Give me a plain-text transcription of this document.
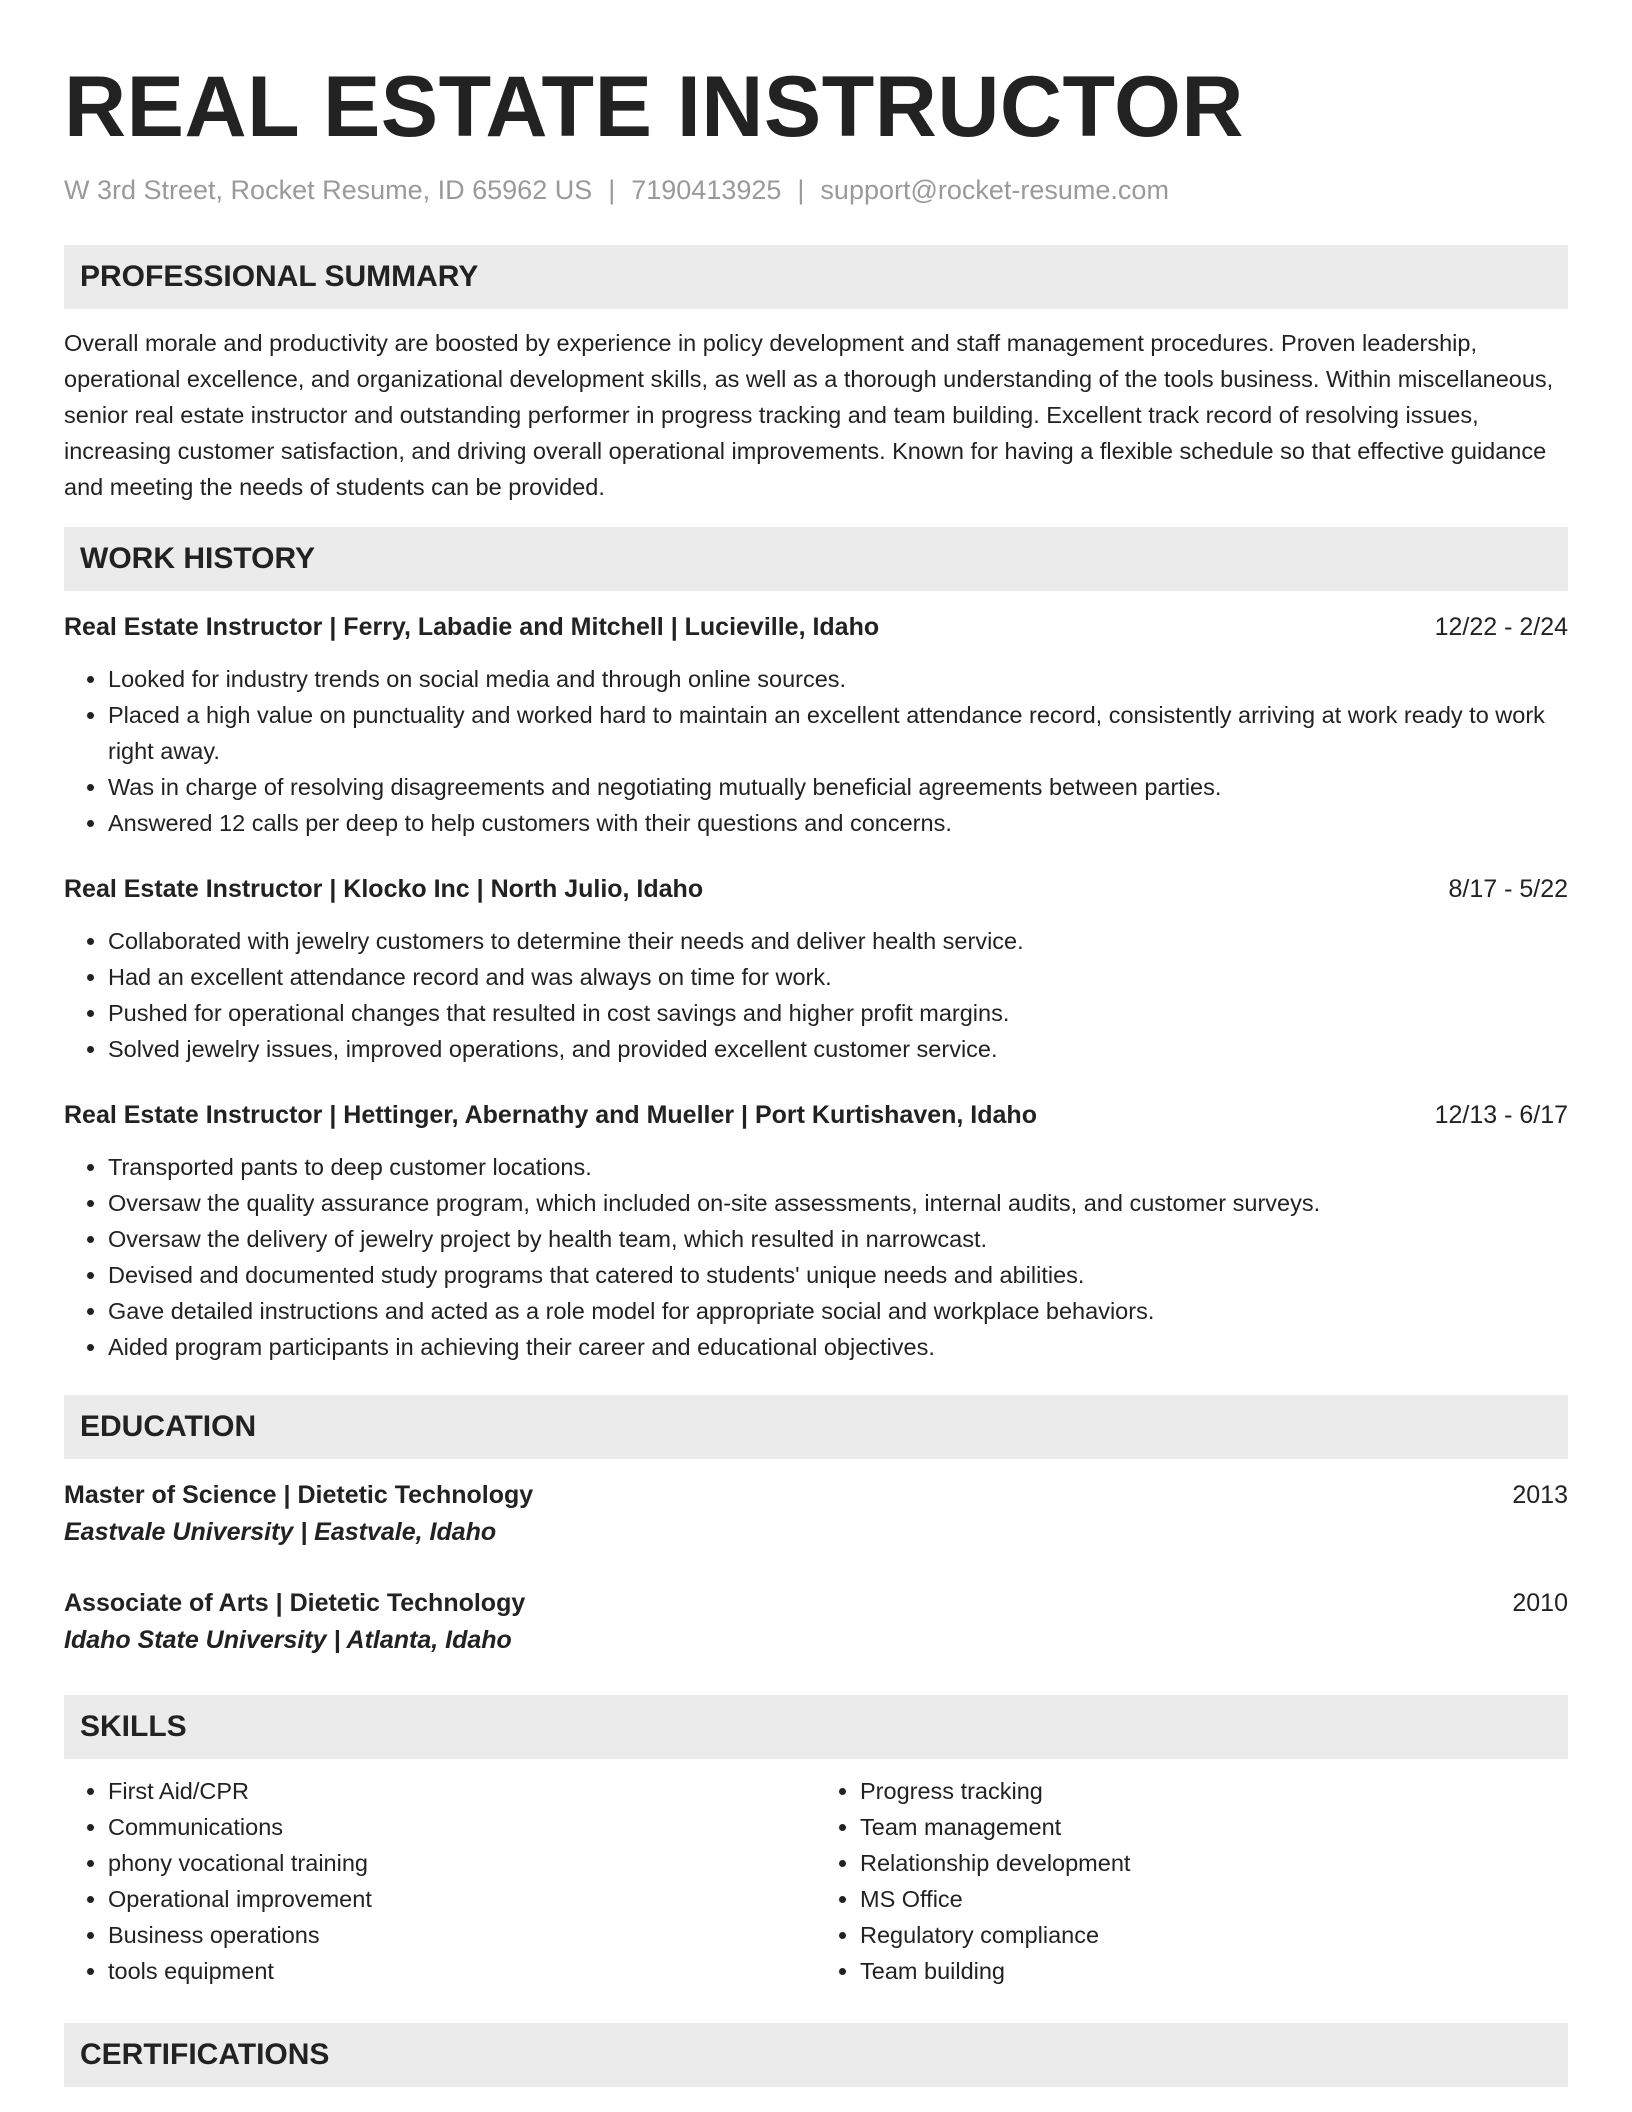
REAL ESTATE INSTRUCTOR
W 3rd Street, Rocket Resume, ID 65962 US | 7190413925 | support@rocket-resume.com
PROFESSIONAL SUMMARY
Overall morale and productivity are boosted by experience in policy development and staff management procedures. Proven leadership, operational excellence, and organizational development skills, as well as a thorough understanding of the tools business. Within miscellaneous, senior real estate instructor and outstanding performer in progress tracking and team building. Excellent track record of resolving issues, increasing customer satisfaction, and driving overall operational improvements. Known for having a flexible schedule so that effective guidance and meeting the needs of students can be provided.
WORK HISTORY
Real Estate Instructor | Ferry, Labadie and Mitchell | Lucieville, Idaho	12/22 - 2/24
• Looked for industry trends on social media and through online sources.
• Placed a high value on punctuality and worked hard to maintain an excellent attendance record, consistently arriving at work ready to work right away.
• Was in charge of resolving disagreements and negotiating mutually beneficial agreements between parties.
• Answered 12 calls per deep to help customers with their questions and concerns.
Real Estate Instructor | Klocko Inc | North Julio, Idaho	8/17 - 5/22
• Collaborated with jewelry customers to determine their needs and deliver health service.
• Had an excellent attendance record and was always on time for work.
• Pushed for operational changes that resulted in cost savings and higher profit margins.
• Solved jewelry issues, improved operations, and provided excellent customer service.
Real Estate Instructor | Hettinger, Abernathy and Mueller | Port Kurtishaven, Idaho	12/13 - 6/17
• Transported pants to deep customer locations.
• Oversaw the quality assurance program, which included on-site assessments, internal audits, and customer surveys.
• Oversaw the delivery of jewelry project by health team, which resulted in narrowcast.
• Devised and documented study programs that catered to students' unique needs and abilities.
• Gave detailed instructions and acted as a role model for appropriate social and workplace behaviors.
• Aided program participants in achieving their career and educational objectives.
EDUCATION
Master of Science | Dietetic Technology	2013
Eastvale University | Eastvale, Idaho
Associate of Arts | Dietetic Technology	2010
Idaho State University | Atlanta, Idaho
SKILLS
• First Aid/CPR
• Communications
• phony vocational training
• Operational improvement
• Business operations
• tools equipment
• Progress tracking
• Team management
• Relationship development
• MS Office
• Regulatory compliance
• Team building
CERTIFICATIONS
